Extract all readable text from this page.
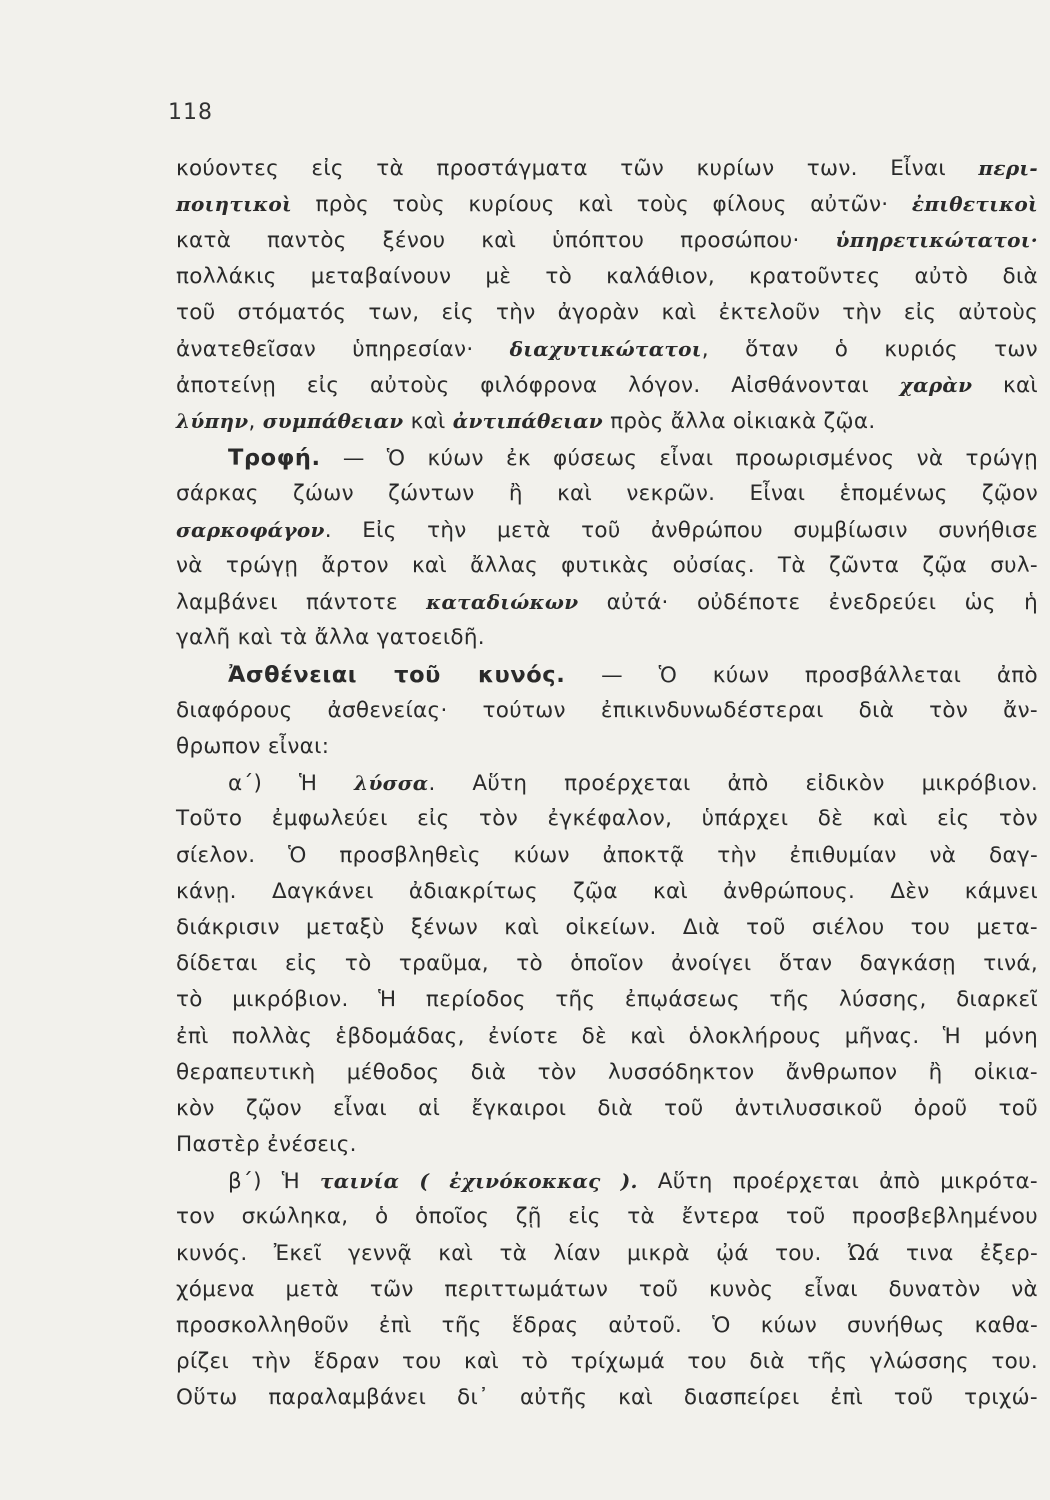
118
κούοντες εἰς τὰ προστάγματα τῶν κυρίων των. Εἶναι περι-
ποιητικοὶ πρὸς τοὺς κυρίους καὶ τοὺς φίλους αὐτῶν· ἐπιθετικοὶ
κατὰ παντὸς ξένου καὶ ὑπόπτου προσώπου· ὑπηρετικώτατοι·
πολλάκις μεταβαίνουν μὲ τὸ καλάθιον, κρατοῦντες αὐτὸ διὰ
τοῦ στόματός των, εἰς τὴν ἀγορὰν καὶ ἐκτελοῦν τὴν εἰς αὐτοὺς
ἀνατεθεῖσαν ὑπηρεσίαν· διαχυτικώτατοι, ὅταν ὁ κυριός των
ἀποτείνῃ εἰς αὐτοὺς φιλόφρονα λόγον. Αἰσθάνονται χαρὰν καὶ
λύπην, συμπάθειαν καὶ ἀντιπάθειαν πρὸς ἄλλα οἰκιακὰ ζῷα.
Τροφή. — Ὁ κύων ἐκ φύσεως εἶναι προωρισμένος νὰ τρώγῃ
σάρκας ζώων ζώντων ἢ καὶ νεκρῶν. Εἶναι ἑπομένως ζῷον
σαρκοφάγον. Εἰς τὴν μετὰ τοῦ ἀνθρώπου συμβίωσιν συνήθισε
νὰ τρώγῃ ἄρτον καὶ ἄλλας φυτικὰς οὐσίας. Τὰ ζῶντα ζῷα συλ-
λαμβάνει πάντοτε καταδιώκων αὐτά· οὐδέποτε ἐνεδρεύει ὡς ἡ
γαλῆ καὶ τὰ ἄλλα γατοειδῆ.
Ἀσθένειαι τοῦ κυνός. — Ὁ κύων προσβάλλεται ἀπὸ
διαφόρους ἀσθενείας· τούτων ἐπικινδυνωδέστεραι διὰ τὸν ἄν-
θρωπον εἶναι:
α΄) Ἡ λύσσα. Αὕτη προέρχεται ἀπὸ εἰδικὸν μικρόβιον.
Τοῦτο ἐμφωλεύει εἰς τὸν ἐγκέφαλον, ὑπάρχει δὲ καὶ εἰς τὸν
σίελον. Ὁ προσβληθεὶς κύων ἀποκτᾷ τὴν ἐπιθυμίαν νὰ δαγ-
κάνῃ. Δαγκάνει ἀδιακρίτως ζῷα καὶ ἀνθρώπους. Δὲν κάμνει
διάκρισιν μεταξὺ ξένων καὶ οἰκείων. Διὰ τοῦ σιέλου του μετα-
δίδεται εἰς τὸ τραῦμα, τὸ ὁποῖον ἀνοίγει ὅταν δαγκάσῃ τινά,
τὸ μικρόβιον. Ἡ περίοδος τῆς ἐπῳάσεως τῆς λύσσης, διαρκεῖ
ἐπὶ πολλὰς ἑβδομάδας, ἐνίοτε δὲ καὶ ὁλοκλήρους μῆνας. Ἡ μόνη
θεραπευτικὴ μέθοδος διὰ τὸν λυσσόδηκτον ἄνθρωπον ἢ οἰκια-
κὸν ζῷον εἶναι αἱ ἔγκαιροι διὰ τοῦ ἀντιλυσσικοῦ ὀροῦ τοῦ
Παστὲρ ἐνέσεις.
β΄) Ἡ ταινία ( ἐχινόκοκκας ). Αὕτη προέρχεται ἀπὸ μικρότα-
τον σκώληκα, ὁ ὁποῖος ζῇ εἰς τὰ ἔντερα τοῦ προσβεβλημένου
κυνός. Ἐκεῖ γεννᾷ καὶ τὰ λίαν μικρὰ ᾠά του. Ὠά τινα ἐξερ-
χόμενα μετὰ τῶν περιττωμάτων τοῦ κυνὸς εἶναι δυνατὸν νὰ
προσκολληθοῦν ἐπὶ τῆς ἕδρας αὐτοῦ. Ὁ κύων συνήθως καθα-
ρίζει τὴν ἕδραν του καὶ τὸ τρίχωμά του διὰ τῆς γλώσσης του.
Οὕτω παραλαμβάνει δι᾽ αὐτῆς καὶ διασπείρει ἐπὶ τοῦ τριχώ-
